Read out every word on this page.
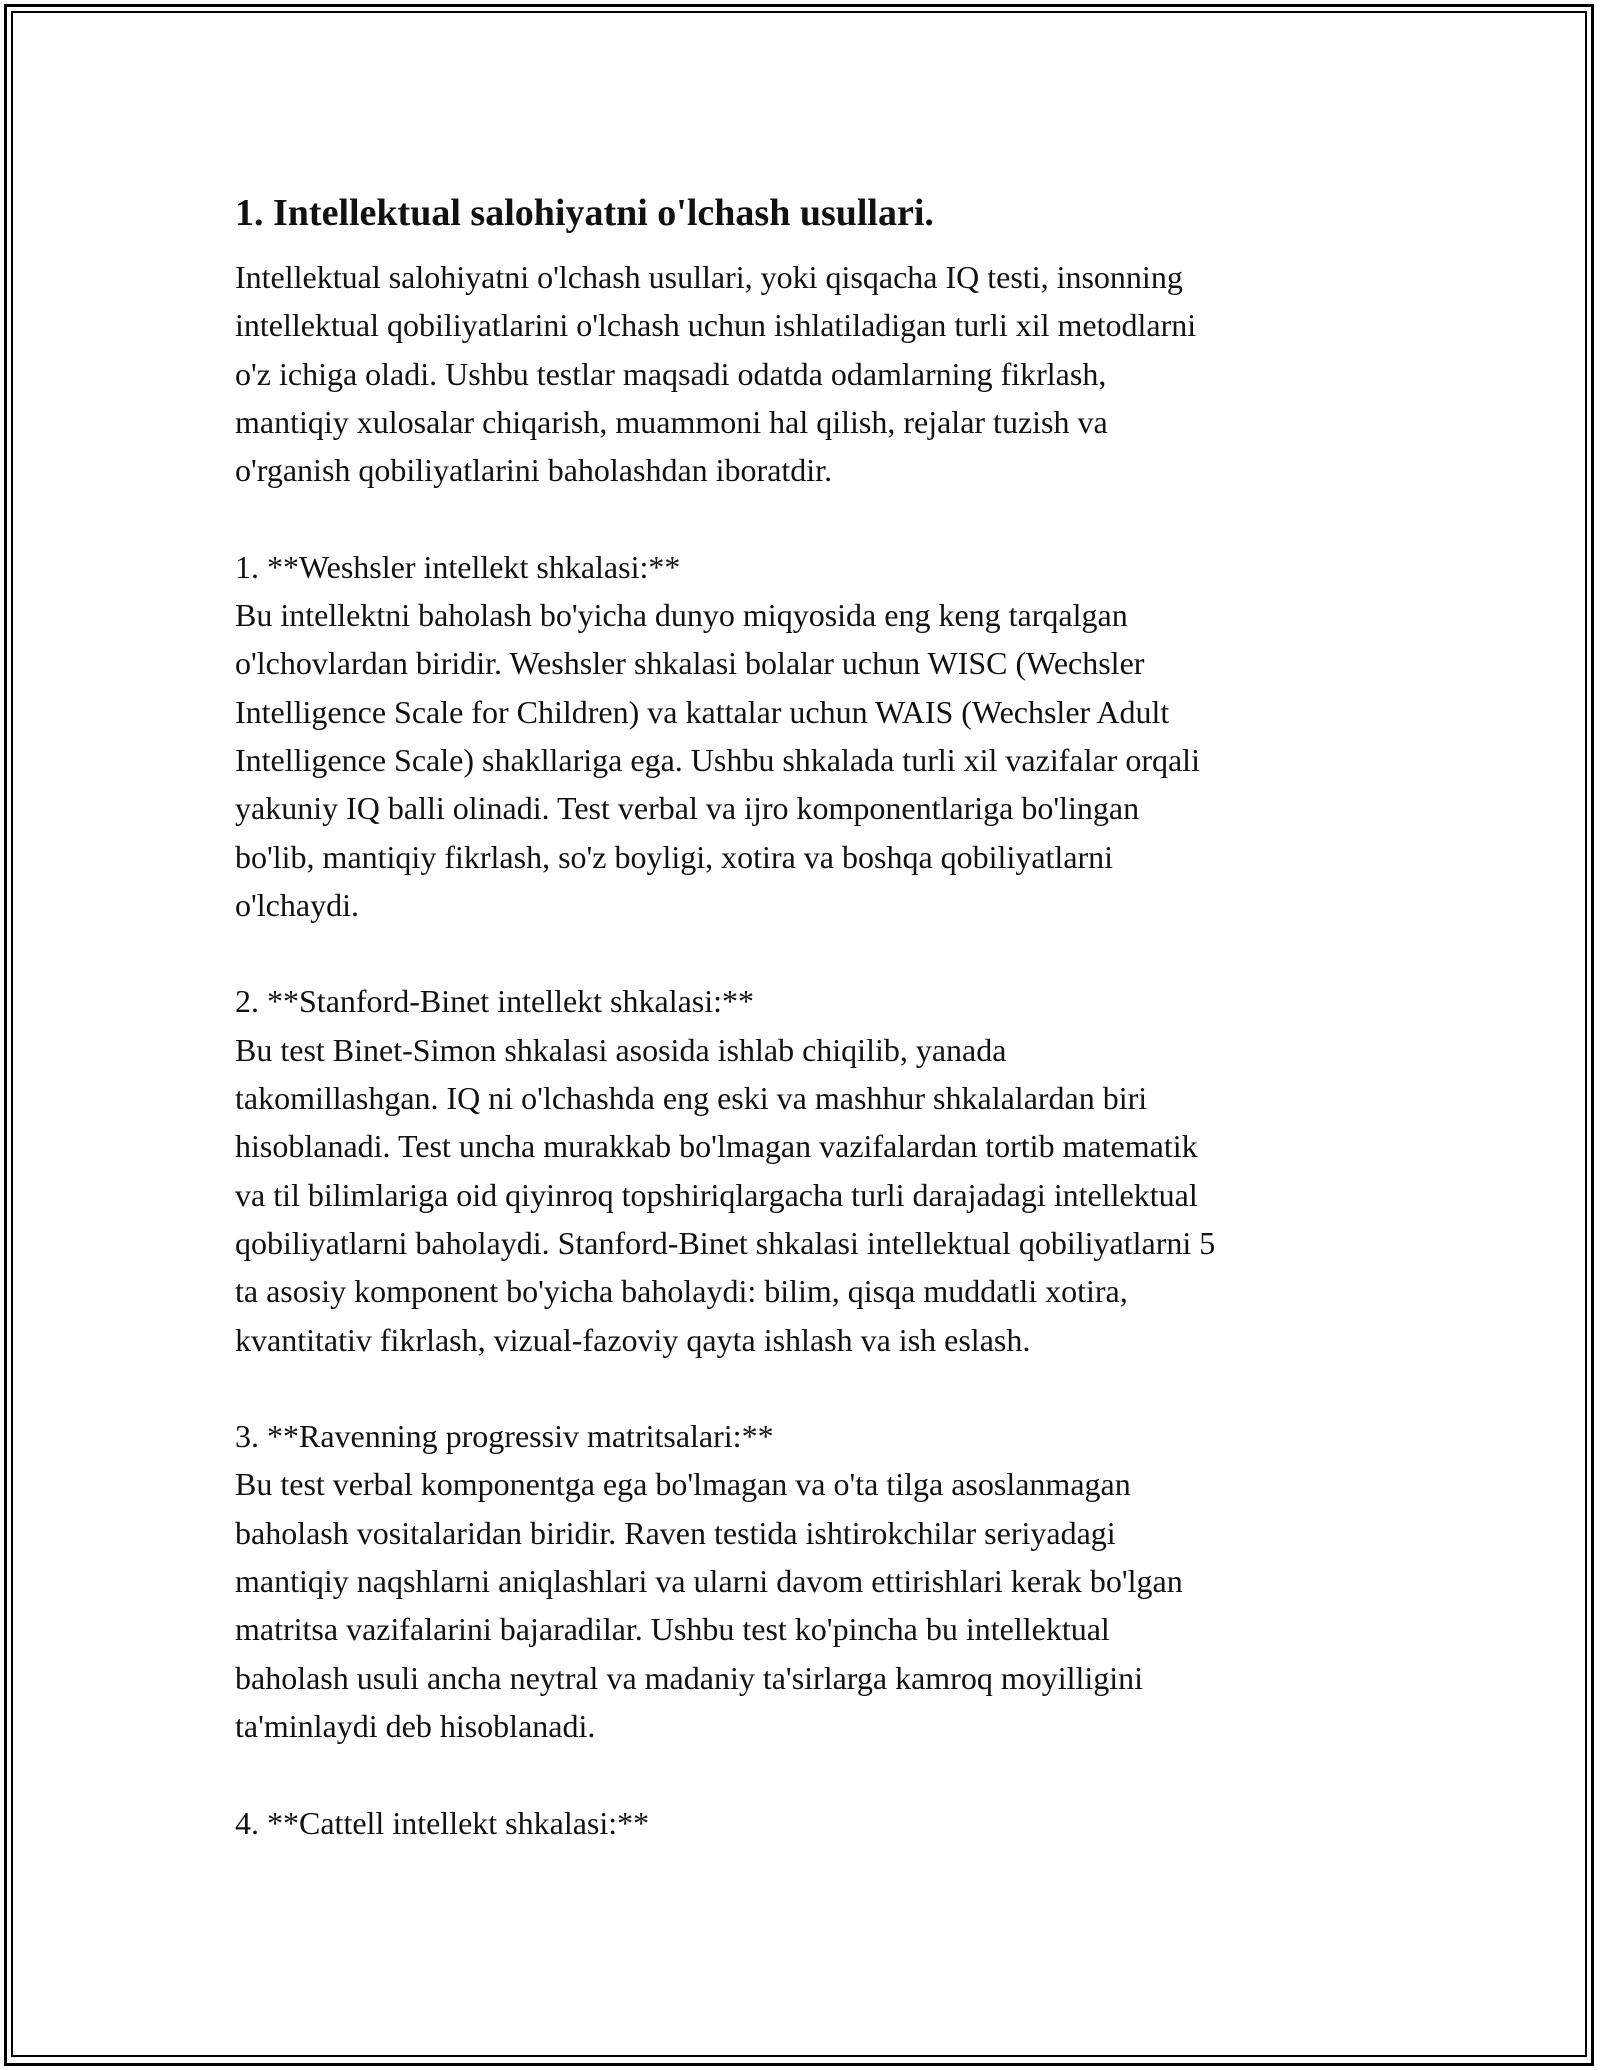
1. Intellektual salohiyatni o'lchash usullari.

Intellektual salohiyatni o'lchash usullari, yoki qisqacha IQ testi, insonning
intellektual qobiliyatlarini o'lchash uchun ishlatiladigan turli xil metodlarni
o'z ichiga oladi. Ushbu testlar maqsadi odatda odamlarning fikrlash,
mantiqiy xulosalar chiqarish, muammoni hal qilish, rejalar tuzish va
o'rganish qobiliyatlarini baholashdan iboratdir.

1. **Weshsler intellekt shkalasi:**

Bu intellektni baholash bo'yicha dunyo miqyosida eng keng tarqalgan
o'lchovlardan biridir. Weshsler shkalasi bolalar uchun WISC (Wechsler
Intelligence Scale for Children) va kattalar uchun WAIS (Wechsler Adult
Intelligence Scale) shakllariga ega. Ushbu shkalada turli xil vazifalar orqali
yakuniy IQ balli olinadi. Test verbal va ijro komponentlariga bo'lingan
bo'lib, mantiqiy fikrlash, so'z boyligi, xotira va boshqa qobiliyatlarni
o'lchaydi.

2. **Stanford-Binet intellekt shkalasi:**

Bu test Binet-Simon shkalasi asosida ishlab chiqilib, yanada
takomillashgan. IQ ni o'lchashda eng eski va mashhur shkalalardan biri
hisoblanadi. Test uncha murakkab bo'lmagan vazifalardan tortib matematik
va til bilimlariga oid qiyinroq topshiriqlargacha turli darajadagi intellektual
qobiliyatlarni baholaydi. Stanford-Binet shkalasi intellektual qobiliyatlarni 5
ta asosiy komponent bo'yicha baholaydi: bilim, qisqa muddatli xotira,
kvantitativ fikrlash, vizual-fazoviy qayta ishlash va ish eslash.

3. **Ravenning progressiv matritsalari:**

Bu test verbal komponentga ega bo'lmagan va o'ta tilga asoslanmagan
baholash vositalaridan biridir. Raven testida ishtirokchilar seriyadagi
mantiqiy naqshlarni aniqlashlari va ularni davom ettirishlari kerak bo'lgan
matritsa vazifalarini bajaradilar. Ushbu test ko'pincha bu intellektual
baholash usuli ancha neytral va madaniy ta'sirlarga kamroq moyilligini
ta'minlaydi deb hisoblanadi.

4. **Cattell intellekt shkalasi:**
